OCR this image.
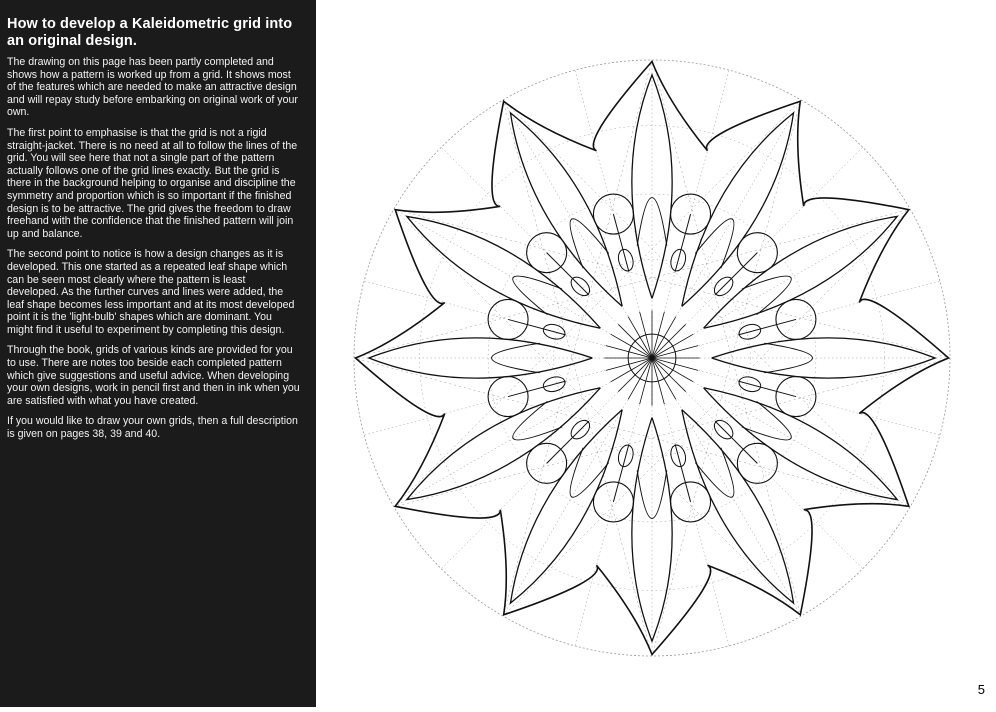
How to develop a Kaleidometric grid into an original design.

The drawing on this page has been partly completed and shows how a pattern is worked up from a grid. It shows most of the features which are needed to make an attractive design and will repay study before embarking on original work of your own.

The first point to emphasise is that the grid is not a rigid straight-jacket. There is no need at all to follow the lines of the grid. You will see here that not a single part of the pattern actually follows one of the grid lines exactly. But the grid is there in the background helping to organise and discipline the symmetry and proportion which is so important if the finished design is to be attractive. The grid gives the freedom to draw freehand with the confidence that the finished pattern will join up and balance.

The second point to notice is how a design changes as it is developed. This one started as a repeated leaf shape which can be seen most clearly where the pattern is least developed. As the further curves and lines were added, the leaf shape becomes less important and at its most developed point it is the 'light-bulb' shapes which are dominant. You might find it useful to experiment by completing this design.

Through the book, grids of various kinds are provided for you to use. There are notes too beside each completed pattern which give suggestions and useful advice. When developing your own designs, work in pencil first and then in ink when you are satisfied with what you have created.

If you would like to draw your own grids, then a full description is given on pages 38, 39 and 40.

5
